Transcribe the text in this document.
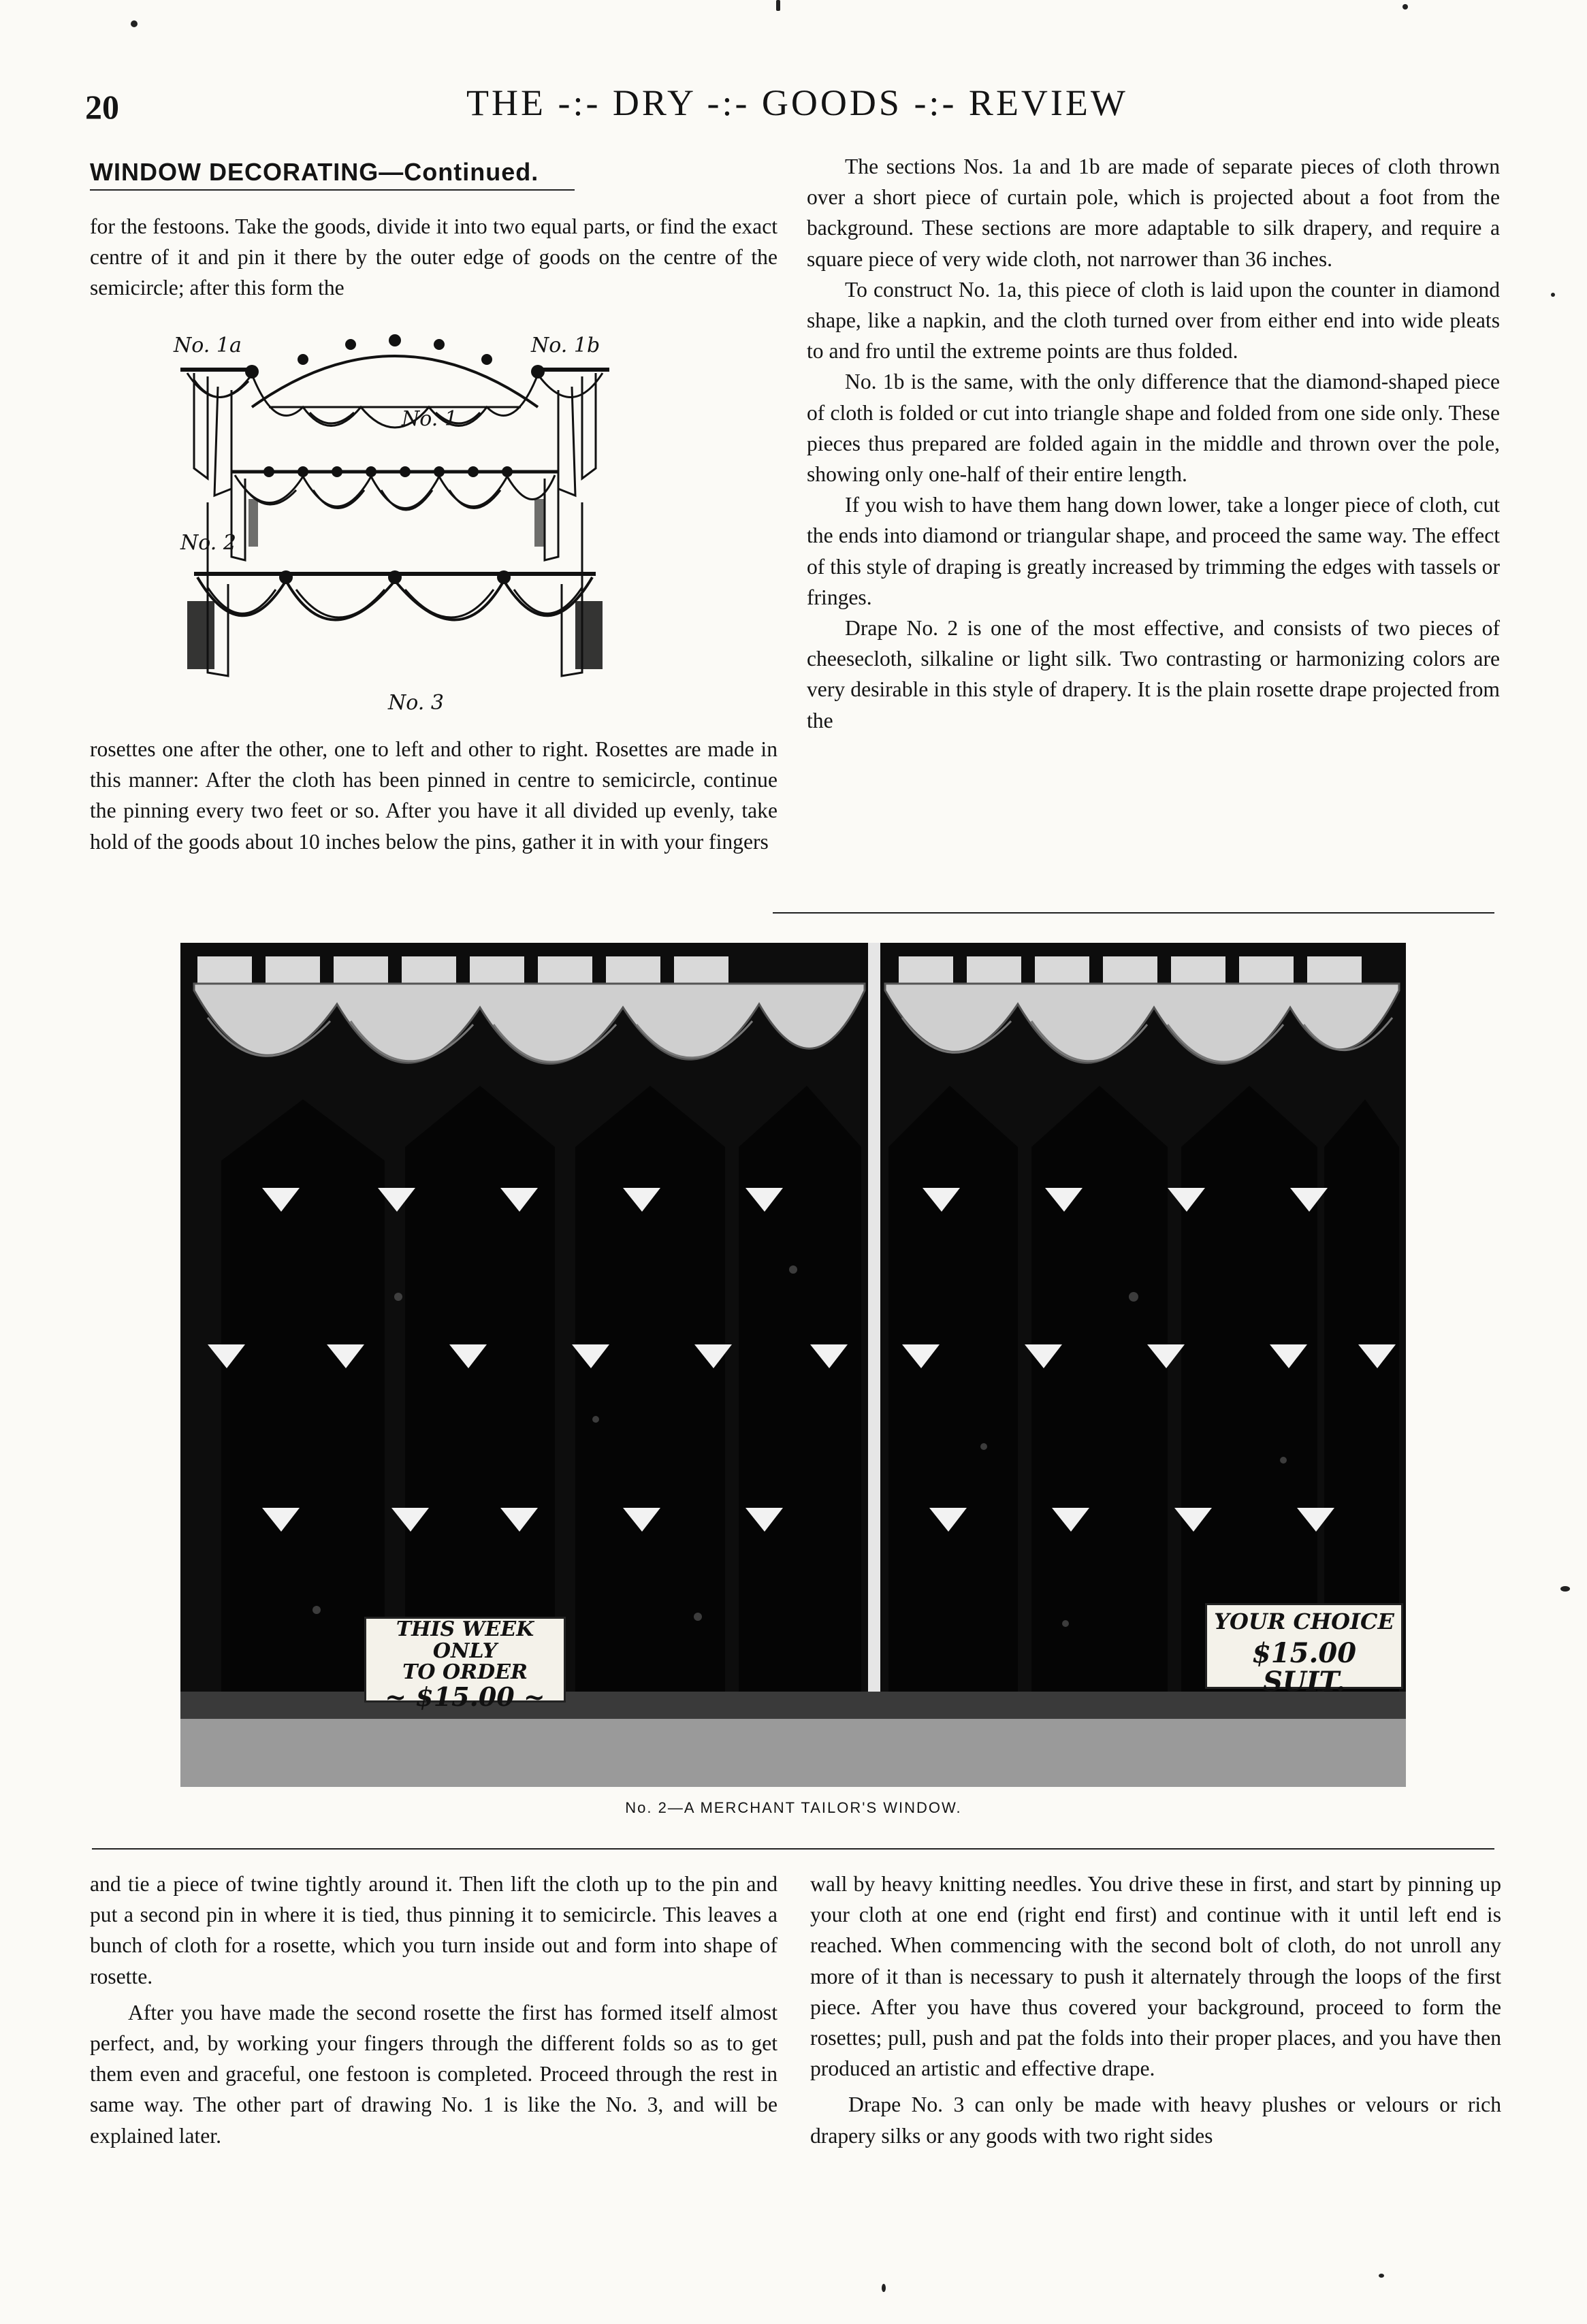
20	THE -:- DRY -:- GOODS -:- REVIEW
WINDOW DECORATING—Continued.

for the festoons. Take the goods, divide it into two equal parts, or find the exact centre of it and pin it there by the outer edge of goods on the centre of the semicircle; after this form the

No. 1a	No. 1b
No. 1
No. 2
No. 3

rosettes one after the other, one to left and other to right. Rosettes are made in this manner: After the cloth has been pinned in centre to semicircle, continue the pinning every two feet or so. After you have it all divided up evenly, take hold of the goods about 10 inches below the pins, gather it in with your fingers

The sections Nos. 1a and 1b are made of separate pieces of cloth thrown over a short piece of curtain pole, which is projected about a foot from the background. These sections are more adaptable to silk drapery, and require a square piece of very wide cloth, not narrower than 36 inches.

To construct No. 1a, this piece of cloth is laid upon the counter in diamond shape, like a napkin, and the cloth turned over from either end into wide pleats to and fro until the extreme points are thus folded.

No. 1b is the same, with the only difference that the diamond-shaped piece of cloth is folded or cut into triangle shape and folded from one side only. These pieces thus prepared are folded again in the middle and thrown over the pole, showing only one-half of their entire length.

If you wish to have them hang down lower, take a longer piece of cloth, cut the ends into diamond or triangular shape, and proceed the same way. The effect of this style of draping is greatly increased by trimming the edges with tassels or fringes.

Drape No. 2 is one of the most effective, and consists of two pieces of cheesecloth, silkaline or light silk. Two contrasting or harmonizing colors are very desirable in this style of drapery. It is the plain rosette drape projected from the

THIS WEEK ONLY
TO ORDER
~ $15.00 ~
YOUR CHOICE
$15.00 SUIT.
No. 2—A MERCHANT TAILOR'S WINDOW.

and tie a piece of twine tightly around it. Then lift the cloth up to the pin and put a second pin in where it is tied, thus pinning it to semicircle. This leaves a bunch of cloth for a rosette, which you turn inside out and form into shape of rosette.

After you have made the second rosette the first has formed itself almost perfect, and, by working your fingers through the different folds so as to get them even and graceful, one festoon is completed. Proceed through the rest in same way. The other part of drawing No. 1 is like the No. 3, and will be explained later.

wall by heavy knitting needles. You drive these in first, and start by pinning up your cloth at one end (right end first) and continue with it until left end is reached. When commencing with the second bolt of cloth, do not unroll any more of it than is necessary to push it alternately through the loops of the first piece. After you have thus covered your background, proceed to form the rosettes; pull, push and pat the folds into their proper places, and you have then produced an artistic and effective drape.

Drape No. 3 can only be made with heavy plushes or velours or rich drapery silks or any goods with two right sides
